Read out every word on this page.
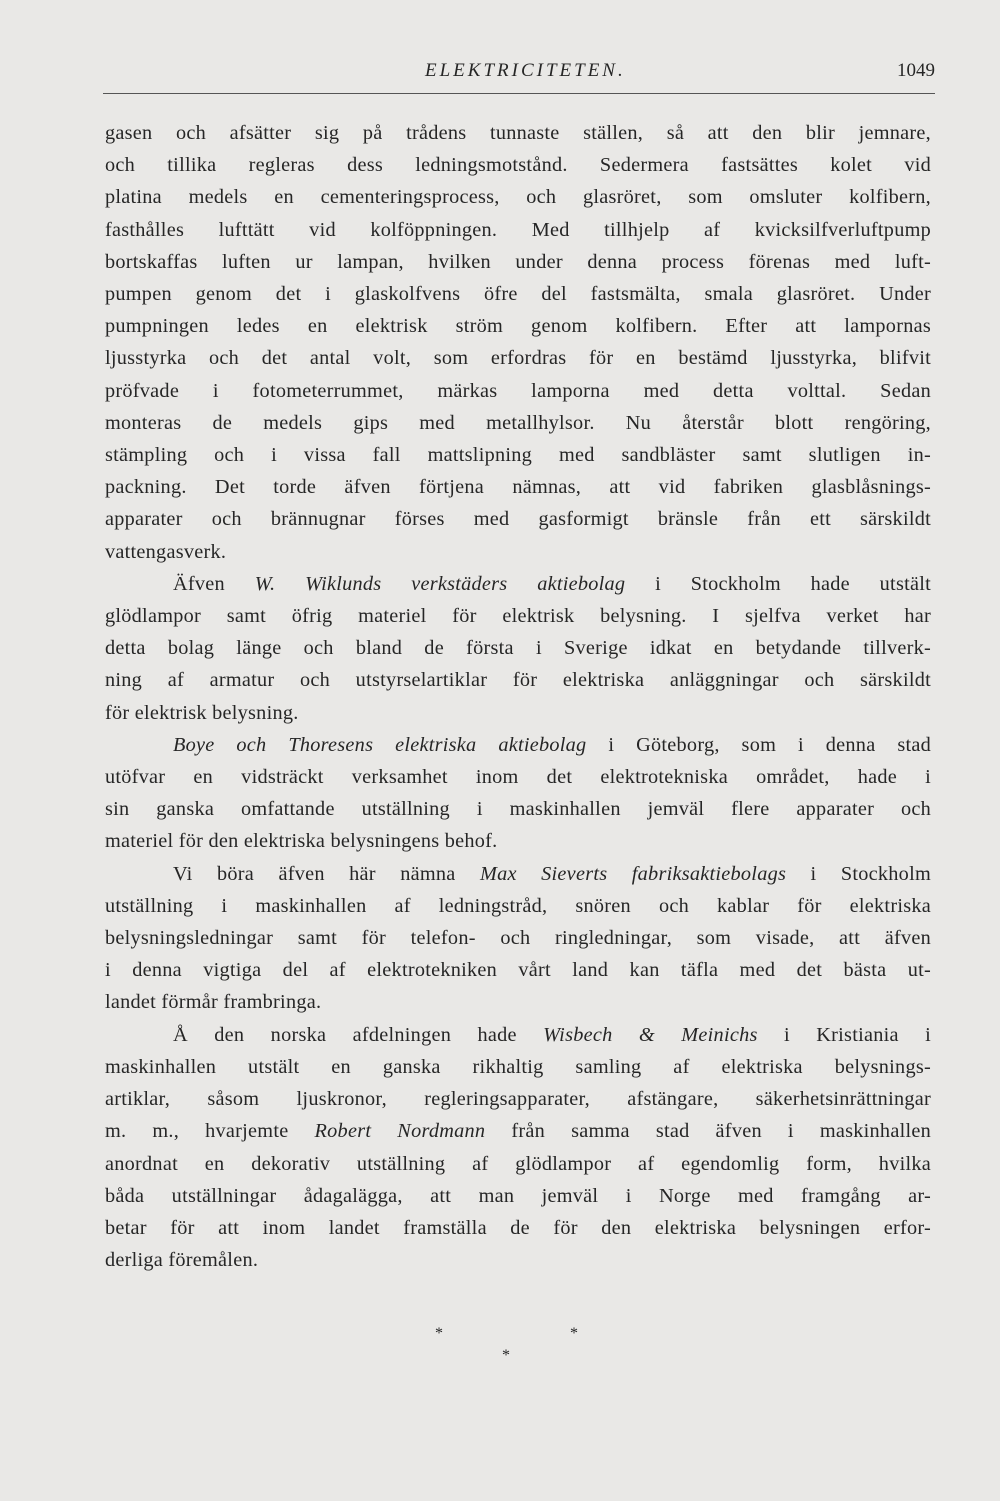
ELEKTRICITETEN.	1049

gasen och afsätter sig på trådens tunnaste ställen, så att den blir jemnare,
och tillika regleras dess ledningsmotstånd. Sedermera fastsättes kolet vid
platina medels en cementeringsprocess, och glasröret, som omsluter kolfibern,
fasthålles lufttätt vid kolföppningen. Med tillhjelp af kvicksilfverluftpump
bortskaffas luften ur lampan, hvilken under denna process förenas med luft-
pumpen genom det i glaskolfvens öfre del fastsmälta, smala glasröret. Under
pumpningen ledes en elektrisk ström genom kolfibern. Efter att lampornas
ljusstyrka och det antal volt, som erfordras för en bestämd ljusstyrka, blifvit
pröfvade i fotometerrummet, märkas lamporna med detta volttal. Sedan
monteras de medels gips med metallhylsor. Nu återstår blott rengöring,
stämpling och i vissa fall mattslipning med sandbläster samt slutligen in-
packning. Det torde äfven förtjena nämnas, att vid fabriken glasblåsnings-
apparater och brännugnar förses med gasformigt bränsle från ett särskildt
vattengasverk.

Äfven W. Wiklunds verkstäders aktiebolag i Stockholm hade utstält
glödlampor samt öfrig materiel för elektrisk belysning. I sjelfva verket har
detta bolag länge och bland de första i Sverige idkat en betydande tillverk-
ning af armatur och utstyrselartiklar för elektriska anläggningar och särskildt
för elektrisk belysning.

Boye och Thoresens elektriska aktiebolag i Göteborg, som i denna stad
utöfvar en vidsträckt verksamhet inom det elektrotekniska området, hade i
sin ganska omfattande utställning i maskinhallen jemväl flere apparater och
materiel för den elektriska belysningens behof.

Vi böra äfven här nämna Max Sieverts fabriksaktiebolags i Stockholm
utställning i maskinhallen af ledningstråd, snören och kablar för elektriska
belysningsledningar samt för telefon- och ringledningar, som visade, att äfven
i denna vigtiga del af elektrotekniken vårt land kan täfla med det bästa ut-
landet förmår frambringa.

Å den norska afdelningen hade Wisbech & Meinichs i Kristiania i
maskinhallen utstält en ganska rikhaltig samling af elektriska belysnings-
artiklar, såsom ljuskronor, regleringsapparater, afstängare, säkerhetsinrättningar
m. m., hvarjemte Robert Nordmann från samma stad äfven i maskinhallen
anordnat en dekorativ utställning af glödlampor af egendomlig form, hvilka
båda utställningar ådagalägga, att man jemväl i Norge med framgång ar-
betar för att inom landet framställa de för den elektriska belysningen erfor-
derliga föremålen.

*	*
*
